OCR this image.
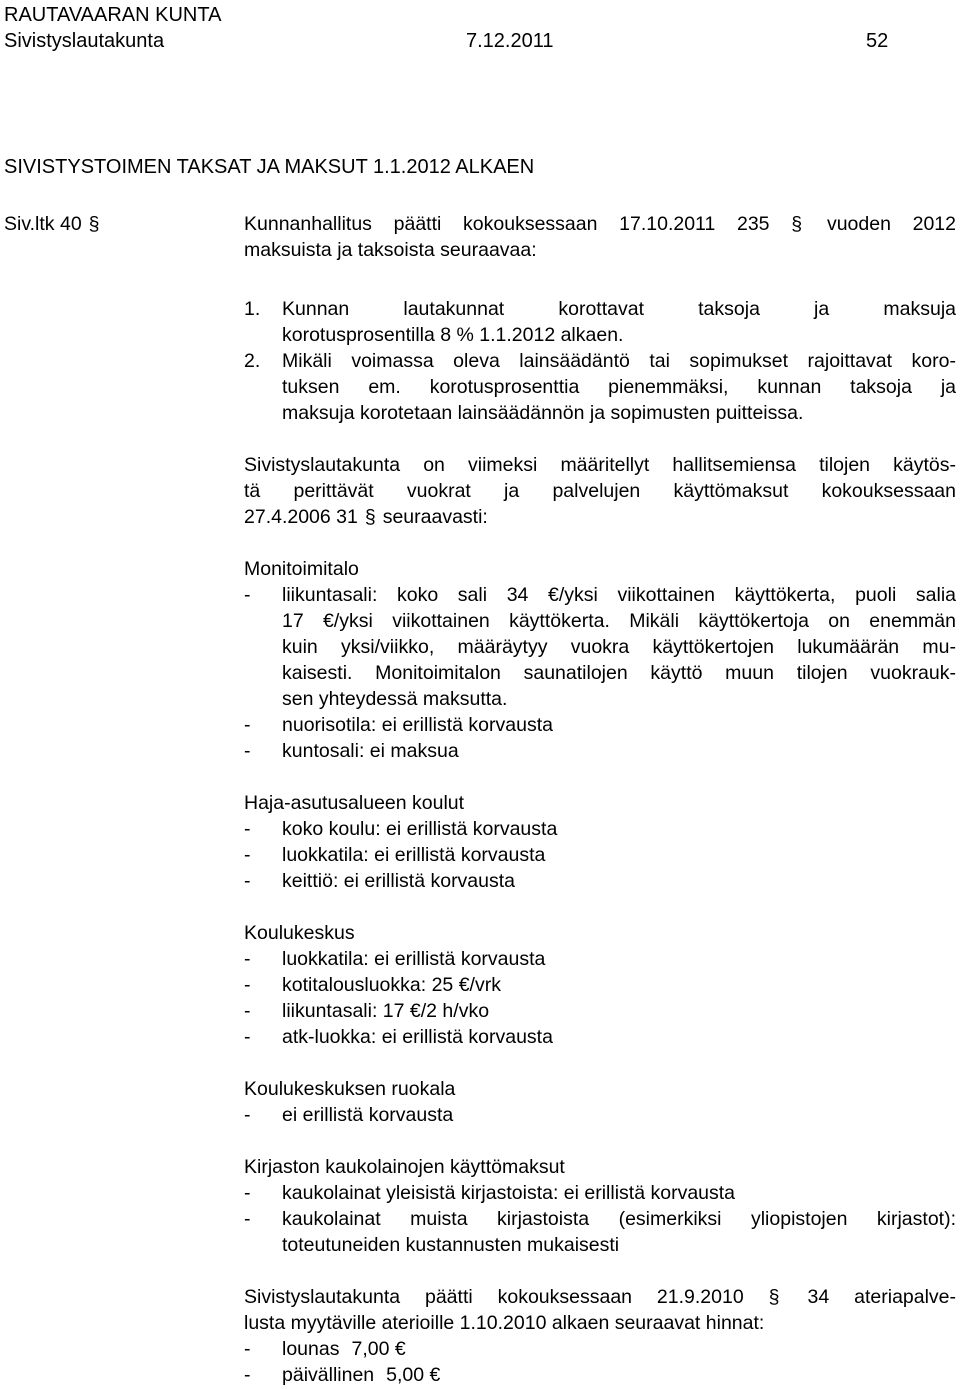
RAUTAVAARAN KUNTA
Sivistyslautakunta	7.12.2011	52
SIVISTYSTOIMEN TAKSAT JA MAKSUT 1.1.2012 ALKAEN
Siv.ltk 40 §	Kunnanhallitus päätti kokouksessaan 17.10.2011 235 § vuoden 2012
maksuista ja taksoista seuraavaa:
1.	Kunnan lautakunnat korottavat taksoja ja maksuja
korotusprosentilla 8 % 1.1.2012 alkaen.
2.	Mikäli voimassa oleva lainsäädäntö tai sopimukset rajoittavat koro-
tuksen em. korotusprosenttia pienemmäksi, kunnan taksoja ja
maksuja korotetaan lainsäädännön ja sopimusten puitteissa.
Sivistyslautakunta on viimeksi määritellyt hallitsemiensa tilojen käytös-
tä perittävät vuokrat ja palvelujen käyttömaksut kokouksessaan
27.4.2006 31 § seuraavasti:
Monitoimitalo
-	liikuntasali: koko sali 34 €/yksi viikottainen käyttökerta, puoli salia
17 €/yksi viikottainen käyttökerta. Mikäli käyttökertoja on enemmän
kuin yksi/viikko, määräytyy vuokra käyttökertojen lukumäärän mu-
kaisesti. Monitoimitalon saunatilojen käyttö muun tilojen vuokrauk-
sen yhteydessä maksutta.
-	nuorisotila: ei erillistä korvausta
-	kuntosali: ei maksua
Haja-asutusalueen koulut
-	koko koulu: ei erillistä korvausta
-	luokkatila: ei erillistä korvausta
-	keittiö: ei erillistä korvausta
Koulukeskus
-	luokkatila: ei erillistä korvausta
-	kotitalousluokka: 25 €/vrk
-	liikuntasali: 17 €/2 h/vko
-	atk-luokka: ei erillistä korvausta
Koulukeskuksen ruokala
-	ei erillistä korvausta
Kirjaston kaukolainojen käyttömaksut
-	kaukolainat yleisistä kirjastoista: ei erillistä korvausta
-	kaukolainat muista kirjastoista (esimerkiksi yliopistojen kirjastot):
toteutuneiden kustannusten mukaisesti
Sivistyslautakunta päätti kokouksessaan 21.9.2010 § 34 ateriapalve-
lusta myytäville aterioille 1.10.2010 alkaen seuraavat hinnat:
-	lounas 7,00 €
-	päivällinen 5,00 €
